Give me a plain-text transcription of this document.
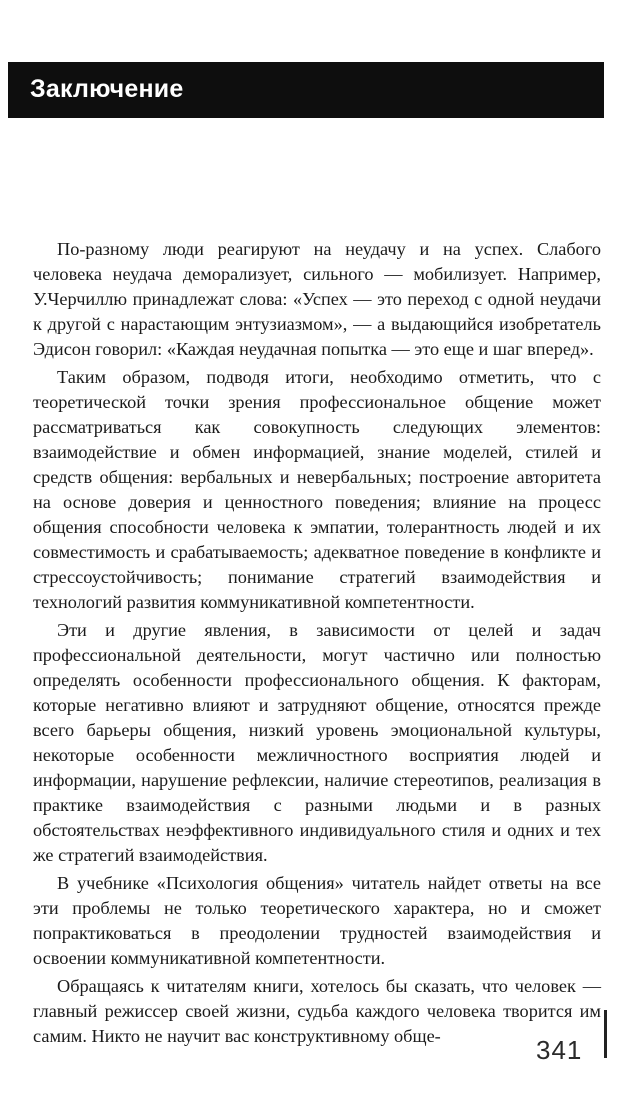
Заключение

По-разному люди реагируют на неудачу и на успех. Слабого человека неудача деморализует, сильного — мобилизует. Например, У.Черчиллю принадлежат слова: «Успех — это переход с одной неудачи к другой с нарастающим энтузиазмом», — а выдающийся изобретатель Эдисон говорил: «Каждая неудачная попытка — это еще и шаг вперед».

Таким образом, подводя итоги, необходимо отметить, что с теоретической точки зрения профессиональное общение может рассматриваться как совокупность следующих элементов: взаимодействие и обмен информацией, знание моделей, стилей и средств общения: вербальных и невербальных; построение авторитета на основе доверия и ценностного поведения; влияние на процесс общения способности человека к эмпатии, толерантность людей и их совместимость и срабатываемость; адекватное поведение в конфликте и стрессоустойчивость; понимание стратегий взаимодействия и технологий развития коммуникативной компетентности.

Эти и другие явления, в зависимости от целей и задач профессиональной деятельности, могут частично или полностью определять особенности профессионального общения. К факторам, которые негативно влияют и затрудняют общение, относятся прежде всего барьеры общения, низкий уровень эмоциональной культуры, некоторые особенности межличностного восприятия людей и информации, нарушение рефлексии, наличие стереотипов, реализация в практике взаимодействия с разными людьми и в разных обстоятельствах неэффективного индивидуального стиля и одних и тех же стратегий взаимодействия.

В учебнике «Психология общения» читатель найдет ответы на все эти проблемы не только теоретического характера, но и сможет попрактиковаться в преодолении трудностей взаимодействия и освоении коммуникативной компетентности.

Обращаясь к читателям книги, хотелось бы сказать, что человек — главный режиссер своей жизни, судьба каждого человека творится им самим. Никто не научит вас конструктивному обще-	341
